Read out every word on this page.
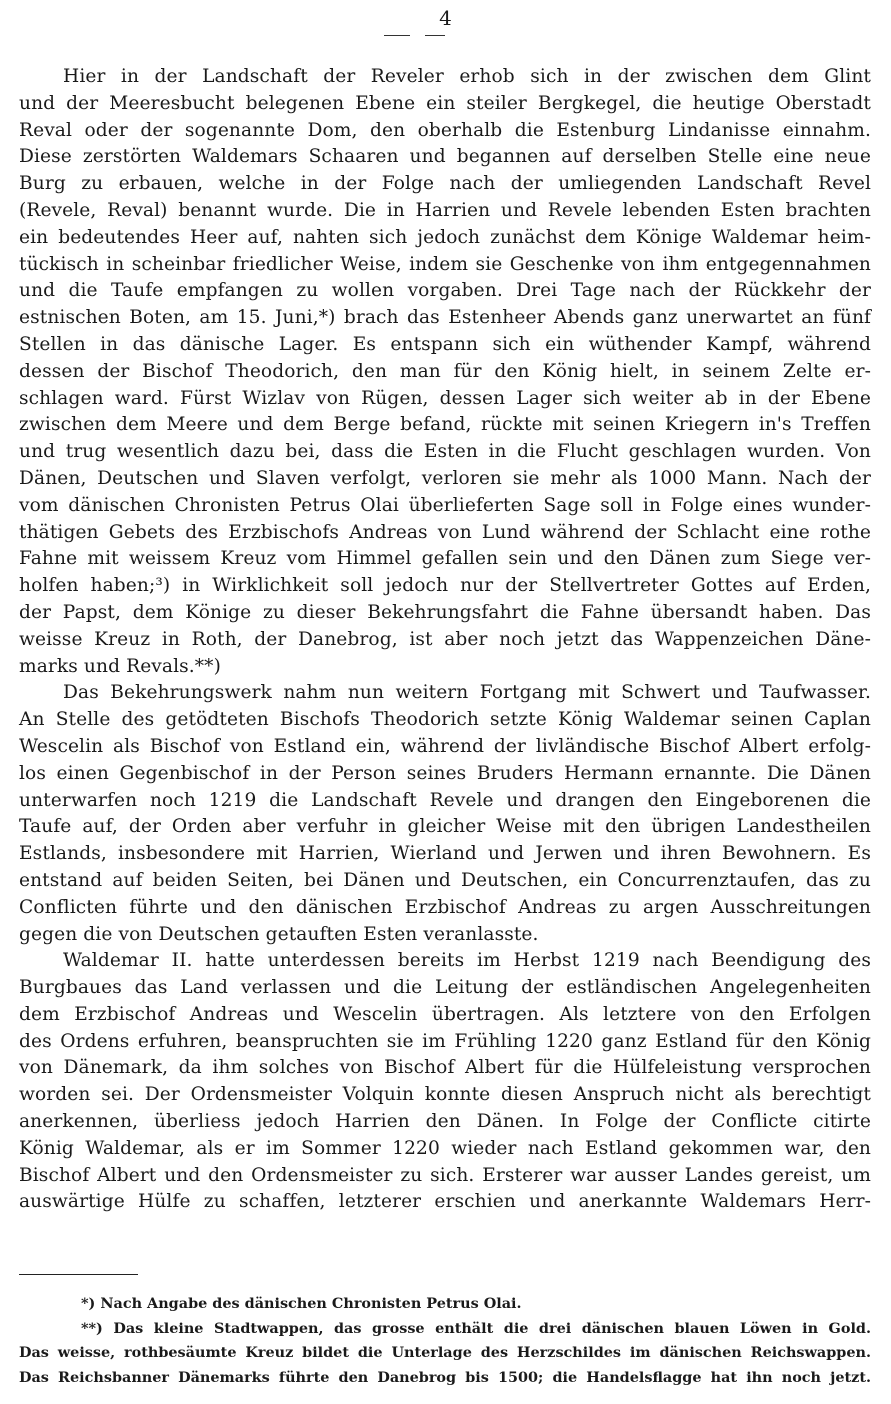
4
Hier in der Landschaft der Reveler erhob sich in der zwischen dem Glint
und der Meeresbucht belegenen Ebene ein steiler Bergkegel, die heutige Oberstadt
Reval oder der sogenannte Dom, den oberhalb die Estenburg Lindanisse einnahm.
Diese zerstörten Waldemars Schaaren und begannen auf derselben Stelle eine neue
Burg zu erbauen, welche in der Folge nach der umliegenden Landschaft Revel
(Revele, Reval) benannt wurde. Die in Harrien und Revele lebenden Esten brachten
ein bedeutendes Heer auf, nahten sich jedoch zunächst dem Könige Waldemar heim-
tückisch in scheinbar friedlicher Weise, indem sie Geschenke von ihm entgegennahmen
und die Taufe empfangen zu wollen vorgaben. Drei Tage nach der Rückkehr der
estnischen Boten, am 15. Juni,*) brach das Estenheer Abends ganz unerwartet an fünf
Stellen in das dänische Lager. Es entspann sich ein wüthender Kampf, während
dessen der Bischof Theodorich, den man für den König hielt, in seinem Zelte er-
schlagen ward. Fürst Wizlav von Rügen, dessen Lager sich weiter ab in der Ebene
zwischen dem Meere und dem Berge befand, rückte mit seinen Kriegern in's Treffen
und trug wesentlich dazu bei, dass die Esten in die Flucht geschlagen wurden. Von
Dänen, Deutschen und Slaven verfolgt, verloren sie mehr als 1000 Mann. Nach der
vom dänischen Chronisten Petrus Olai überlieferten Sage soll in Folge eines wunder-
thätigen Gebets des Erzbischofs Andreas von Lund während der Schlacht eine rothe
Fahne mit weissem Kreuz vom Himmel gefallen sein und den Dänen zum Siege ver-
holfen haben;³) in Wirklichkeit soll jedoch nur der Stellvertreter Gottes auf Erden,
der Papst, dem Könige zu dieser Bekehrungsfahrt die Fahne übersandt haben. Das
weisse Kreuz in Roth, der Danebrog, ist aber noch jetzt das Wappenzeichen Däne-
marks und Revals.**)
Das Bekehrungswerk nahm nun weitern Fortgang mit Schwert und Taufwasser.
An Stelle des getödteten Bischofs Theodorich setzte König Waldemar seinen Caplan
Wescelin als Bischof von Estland ein, während der livländische Bischof Albert erfolg-
los einen Gegenbischof in der Person seines Bruders Hermann ernannte. Die Dänen
unterwarfen noch 1219 die Landschaft Revele und drangen den Eingeborenen die
Taufe auf, der Orden aber verfuhr in gleicher Weise mit den übrigen Landestheilen
Estlands, insbesondere mit Harrien, Wierland und Jerwen und ihren Bewohnern. Es
entstand auf beiden Seiten, bei Dänen und Deutschen, ein Concurrenztaufen, das zu
Conflicten führte und den dänischen Erzbischof Andreas zu argen Ausschreitungen
gegen die von Deutschen getauften Esten veranlasste.
Waldemar II. hatte unterdessen bereits im Herbst 1219 nach Beendigung des
Burgbaues das Land verlassen und die Leitung der estländischen Angelegenheiten
dem Erzbischof Andreas und Wescelin übertragen. Als letztere von den Erfolgen
des Ordens erfuhren, beanspruchten sie im Frühling 1220 ganz Estland für den König
von Dänemark, da ihm solches von Bischof Albert für die Hülfeleistung versprochen
worden sei. Der Ordensmeister Volquin konnte diesen Anspruch nicht als berechtigt
anerkennen, überliess jedoch Harrien den Dänen. In Folge der Conflicte citirte
König Waldemar, als er im Sommer 1220 wieder nach Estland gekommen war, den
Bischof Albert und den Ordensmeister zu sich. Ersterer war ausser Landes gereist, um
auswärtige Hülfe zu schaffen, letzterer erschien und anerkannte Waldemars Herr-
*) Nach Angabe des dänischen Chronisten Petrus Olai.
**) Das kleine Stadtwappen, das grosse enthält die drei dänischen blauen Löwen in Gold.
Das weisse, rothbesäumte Kreuz bildet die Unterlage des Herzschildes im dänischen Reichswappen.
Das Reichsbanner Dänemarks führte den Danebrog bis 1500; die Handelsflagge hat ihn noch jetzt.
